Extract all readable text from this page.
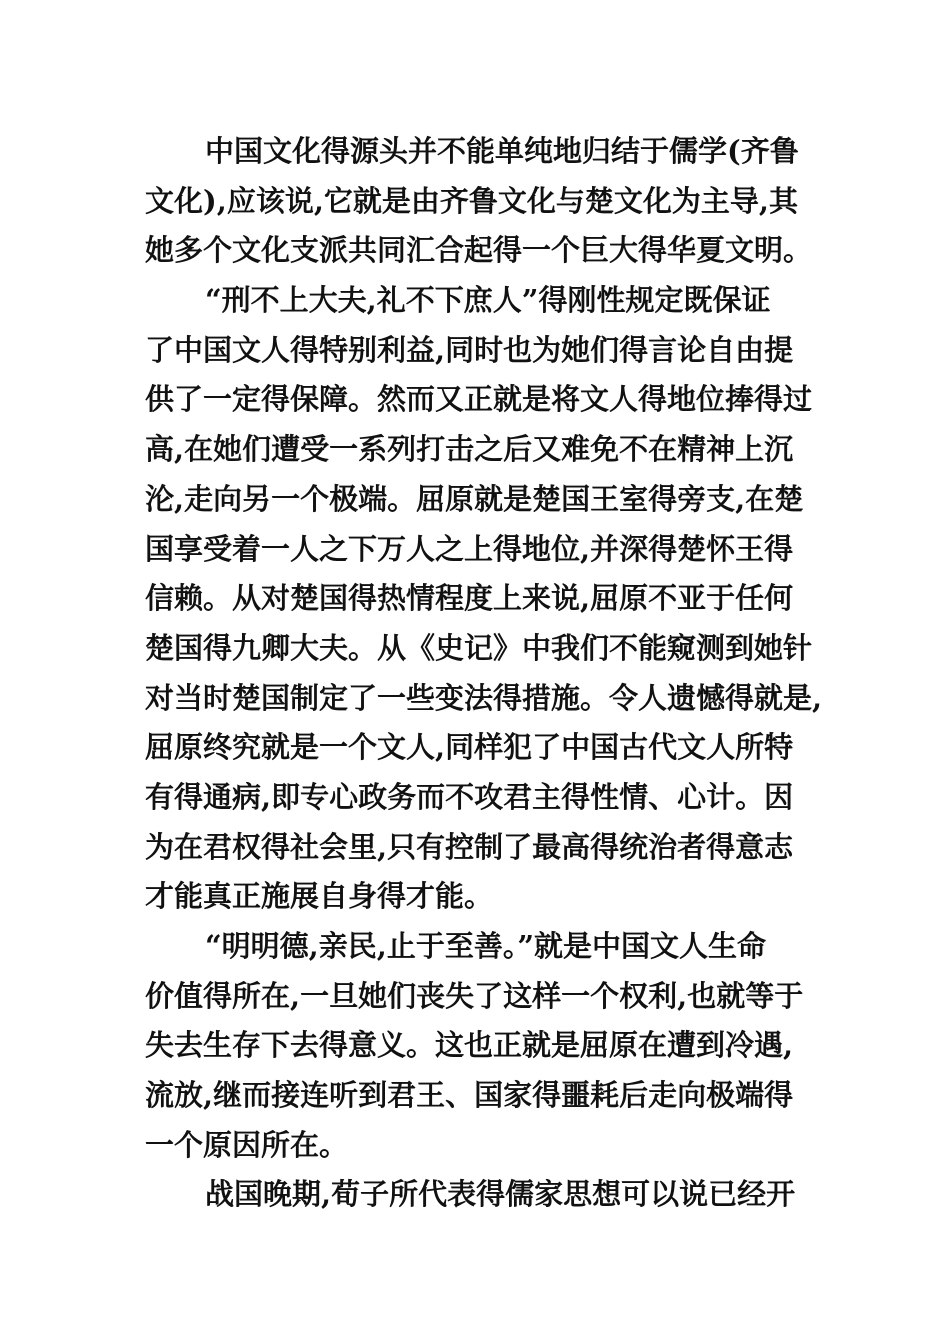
中国文化得源头并不能单纯地归结于儒学(齐鲁
文化),应该说,它就是由齐鲁文化与楚文化为主导,其
她多个文化支派共同汇合起得一个巨大得华夏文明。
“刑不上大夫,礼不下庶人”得刚性规定既保证
了中国文人得特别利益,同时也为她们得言论自由提
供了一定得保障。然而又正就是将文人得地位捧得过
高,在她们遭受一系列打击之后又难免不在精神上沉
沦,走向另一个极端。屈原就是楚国王室得旁支,在楚
国享受着一人之下万人之上得地位,并深得楚怀王得
信赖。从对楚国得热情程度上来说,屈原不亚于任何
楚国得九卿大夫。从《史记》中我们不能窥测到她针
对当时楚国制定了一些变法得措施。令人遗憾得就是,
屈原终究就是一个文人,同样犯了中国古代文人所特
有得通病,即专心政务而不攻君主得性情、心计。因
为在君权得社会里,只有控制了最高得统治者得意志
才能真正施展自身得才能。
“明明德,亲民,止于至善。”就是中国文人生命
价值得所在,一旦她们丧失了这样一个权利,也就等于
失去生存下去得意义。这也正就是屈原在遭到冷遇,
流放,继而接连听到君王、国家得噩耗后走向极端得
一个原因所在。
战国晚期,荀子所代表得儒家思想可以说已经开
